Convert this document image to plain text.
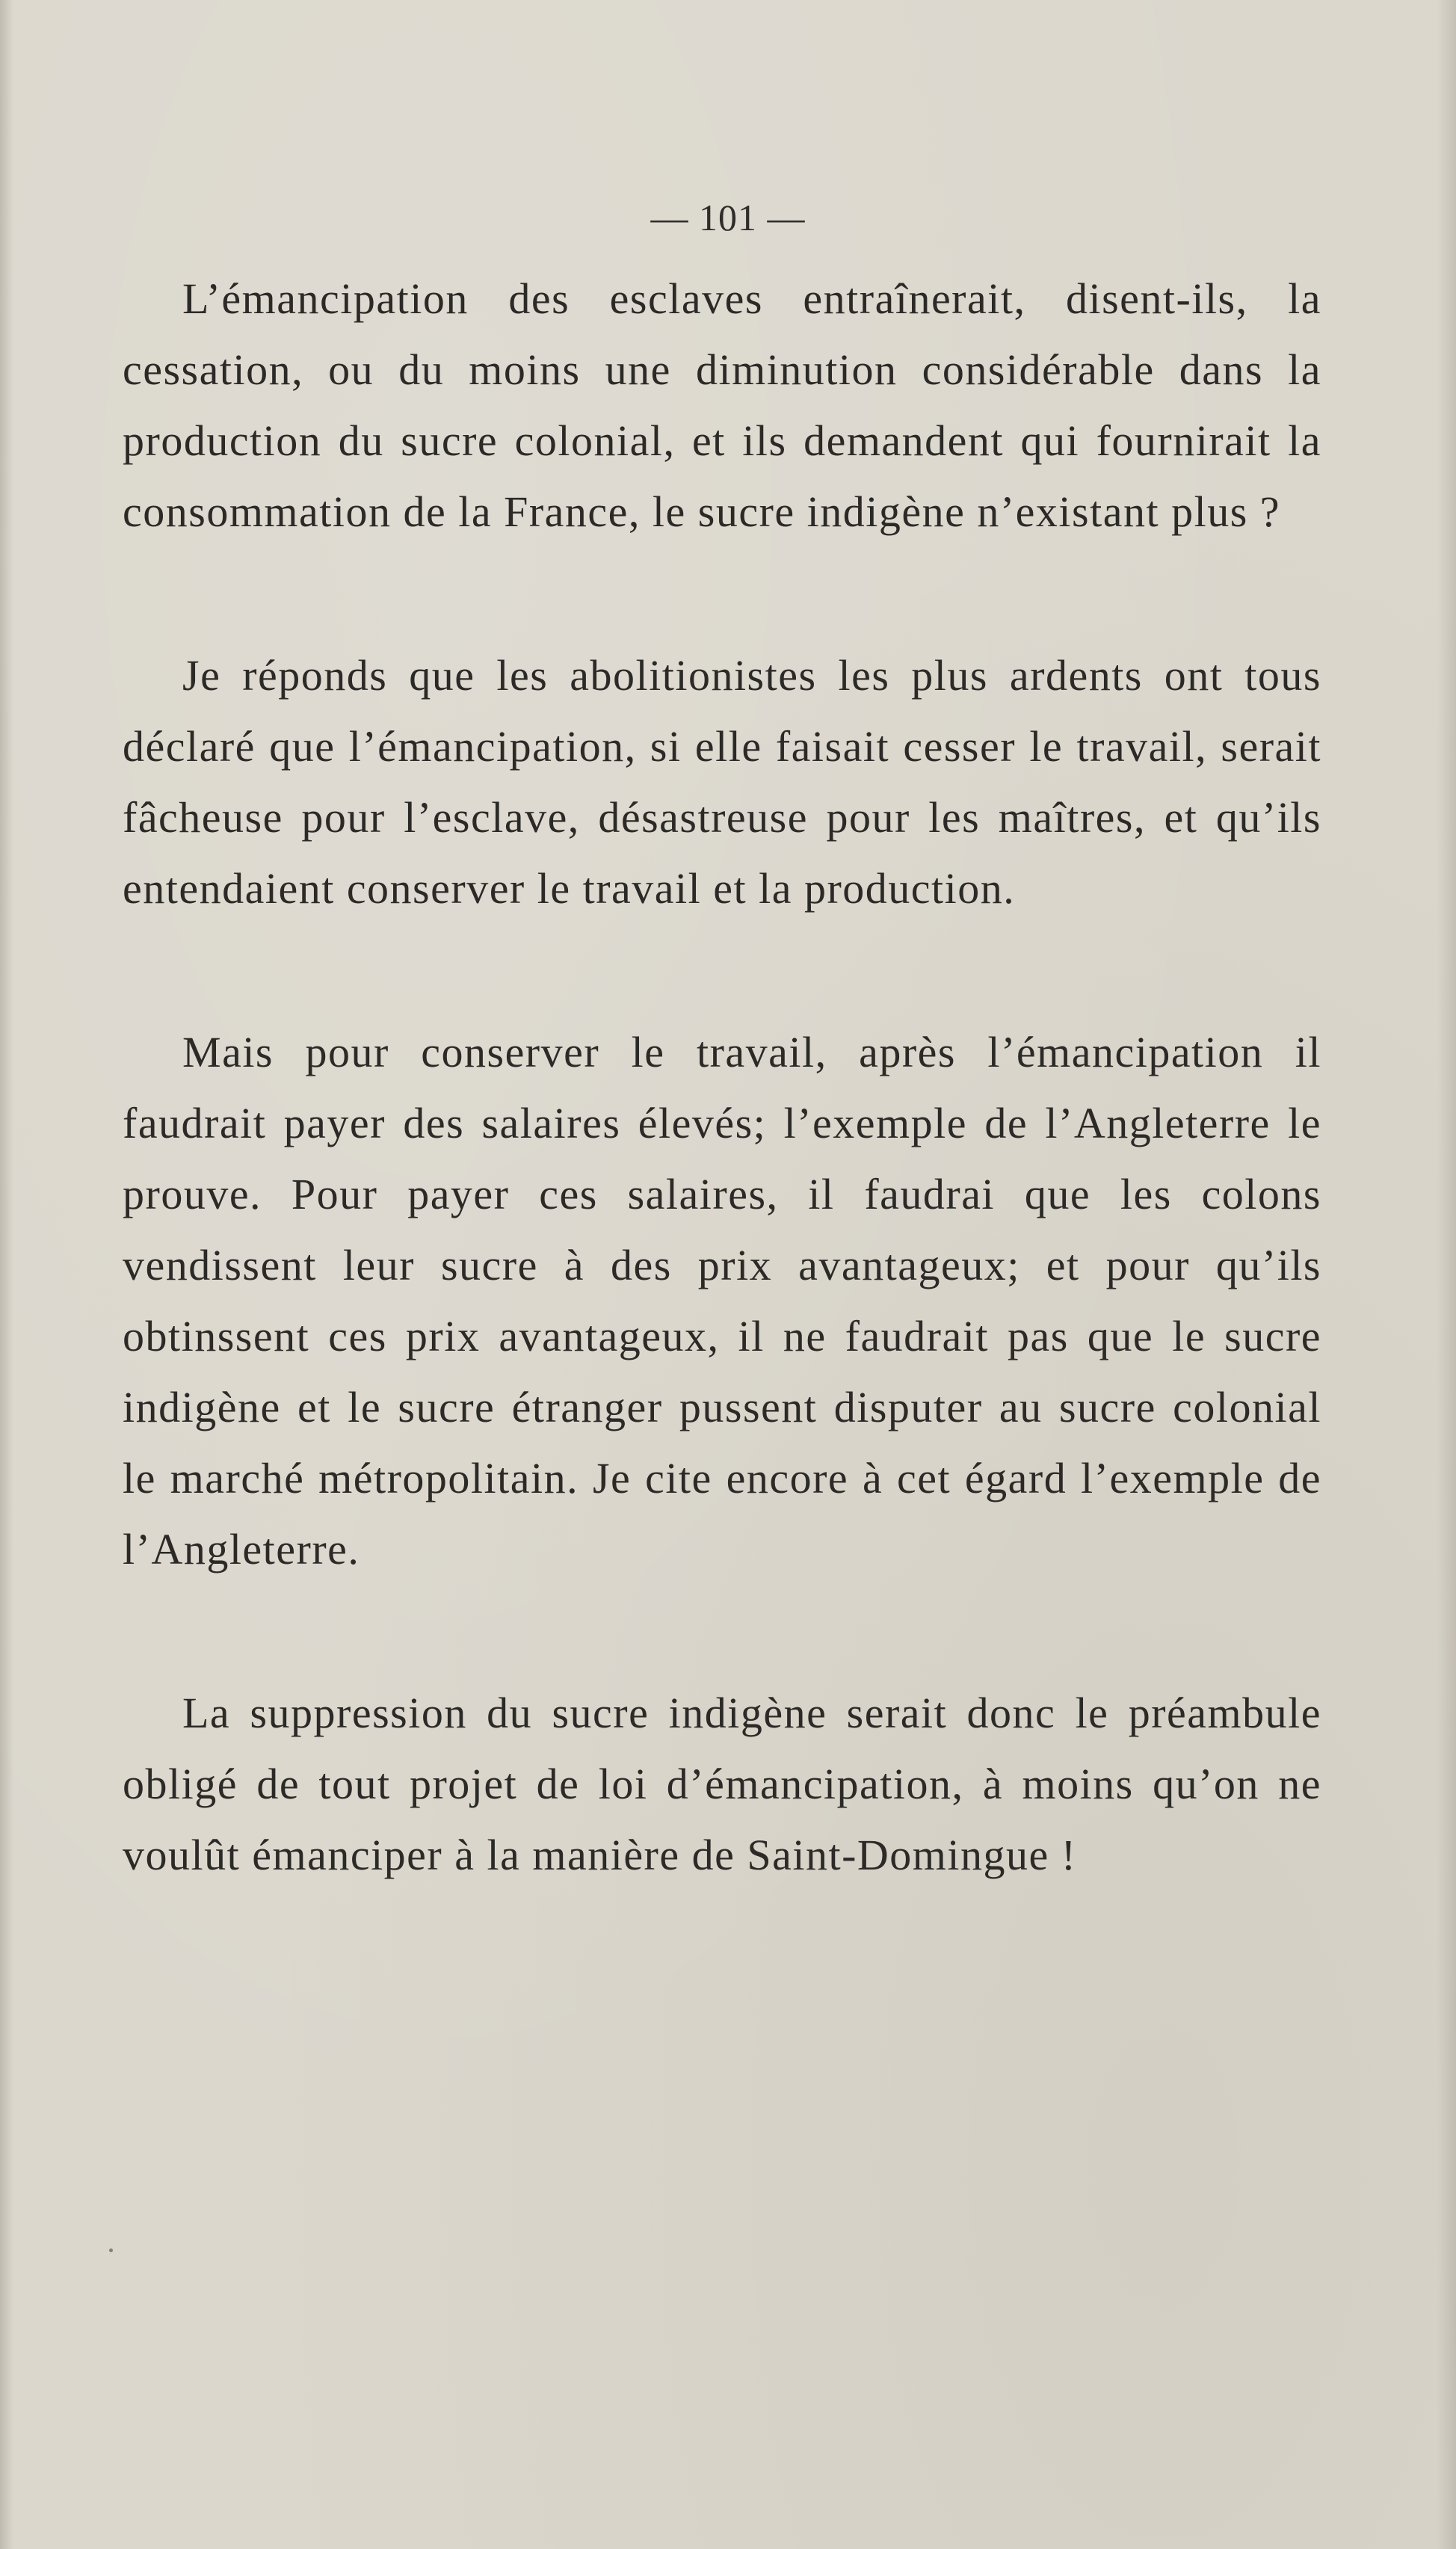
— 101 —

L’émancipation des esclaves entraînerait, disent-ils, la cessation, ou du moins une diminution considérable dans la production du sucre colonial, et ils demandent qui fournirait la consommation de la France, le sucre indigène n’existant plus ?

Je réponds que les abolitionistes les plus ardents ont tous déclaré que l’émancipation, si elle faisait cesser le travail, serait fâcheuse pour l’esclave, désastreuse pour les maîtres, et qu’ils entendaient conserver le travail et la production.

Mais pour conserver le travail, après l’émancipation il faudrait payer des salaires élevés; l’exemple de l’Angleterre le prouve. Pour payer ces salaires, il faudrai que les colons vendissent leur sucre à des prix avantageux; et pour qu’ils obtinssent ces prix avantageux, il ne faudrait pas que le sucre indigène et le sucre étranger pussent disputer au sucre colonial le marché métropolitain. Je cite encore à cet égard l’exemple de l’Angleterre.

La suppression du sucre indigène serait donc le préambule obligé de tout projet de loi d’émancipation, à moins qu’on ne voulût émanciper à la manière de Saint-Domingue !
